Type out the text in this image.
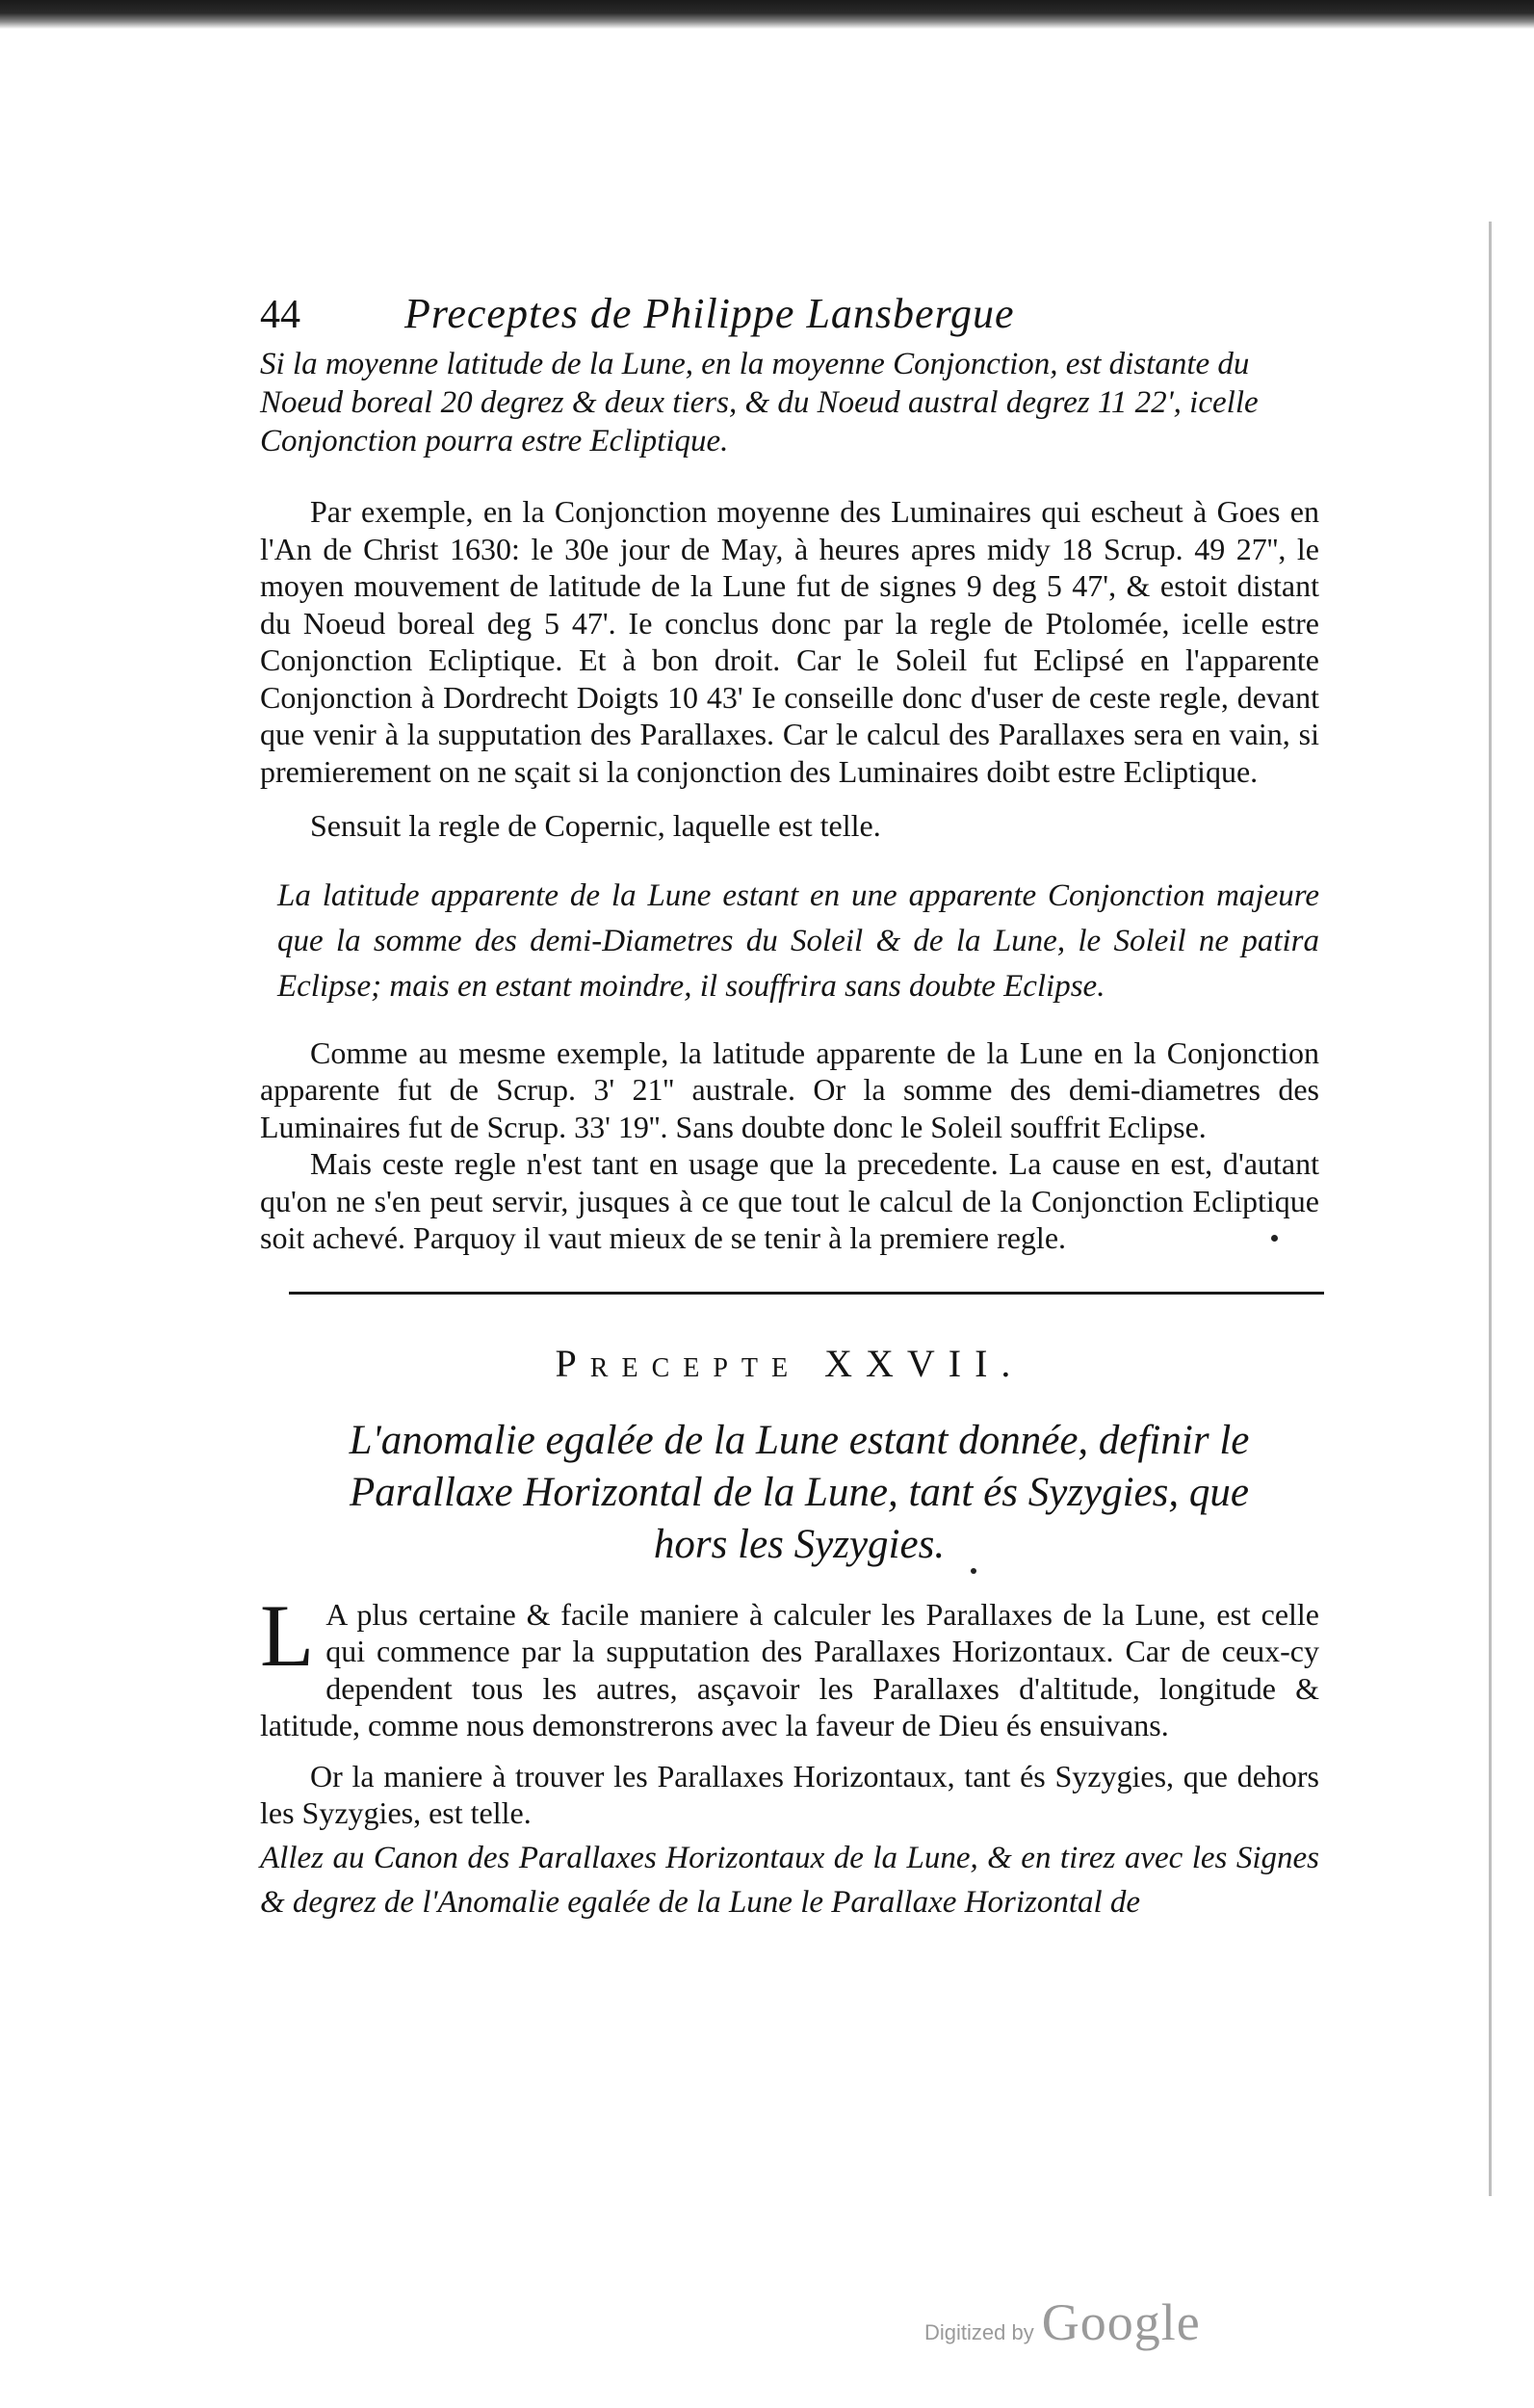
44	Preceptes de Philippe Lansbergue

Si la moyenne latitude de la Lune, en la moyenne Conjonction, est distante du Noeud boreal 20 degrez & deux tiers, & du Noeud austral degrez 11 22', icelle Conjonction pourra estre Ecliptique.

Par exemple, en la Conjonction moyenne des Luminaires qui escheut à Goes en l'An de Christ 1630: le 30e jour de May, à heures apres midy 18 Scrup. 49 27'', le moyen mouvement de latitude de la Lune fut de signes 9 deg 5 47', & estoit distant du Noeud boreal deg 5 47'. Ie conclus donc par la regle de Ptolomée, icelle estre Conjonction Ecliptique. Et à bon droit. Car le Soleil fut Eclipsé en l'apparente Conjonction à Dordrecht Doigts 10 43' Ie conseille donc d'user de ceste regle, devant que venir à la supputation des Parallaxes. Car le calcul des Parallaxes sera en vain, si premierement on ne sçait si la conjonction des Luminaires doibt estre Ecliptique.

Sensuit la regle de Copernic, laquelle est telle.

La latitude apparente de la Lune estant en une apparente Conjonction majeure que la somme des demi-Diametres du Soleil & de la Lune, le Soleil ne patira Eclipse; mais en estant moindre, il souffrira sans doubte Eclipse.

Comme au mesme exemple, la latitude apparente de la Lune en la Conjonction apparente fut de Scrup. 3' 21'' australe. Or la somme des demi-diametres des Luminaires fut de Scrup. 33' 19''. Sans doubte donc le Soleil souffrit Eclipse.

Mais ceste regle n'est tant en usage que la precedente. La cause en est, d'autant qu'on ne s'en peut servir, jusques à ce que tout le calcul de la Conjonction Ecliptique soit achevé. Parquoy il vaut mieux de se tenir à la premiere regle.

Precepte XXVII.
L'anomalie egalée de la Lune estant donnée, definir le Parallaxe Horizontal de la Lune, tant és Syzygies, que hors les Syzygies.
L A plus certaine & facile maniere à calculer les Parallaxes de la Lune, est celle qui commence par la supputation des Parallaxes Horizontaux. Car de ceux-cy dependent tous les autres, asçavoir les Parallaxes d'altitude, longitude & latitude, comme nous demonstrerons avec la faveur de Dieu és ensuivans.

Or la maniere à trouver les Parallaxes Horizontaux, tant és Syzygies, que dehors les Syzygies, est telle.

Allez au Canon des Parallaxes Horizontaux de la Lune, & en tirez avec les Signes & degrez de l'Anomalie egalée de la Lune le Parallaxe Horizontal de

Digitized by Google
